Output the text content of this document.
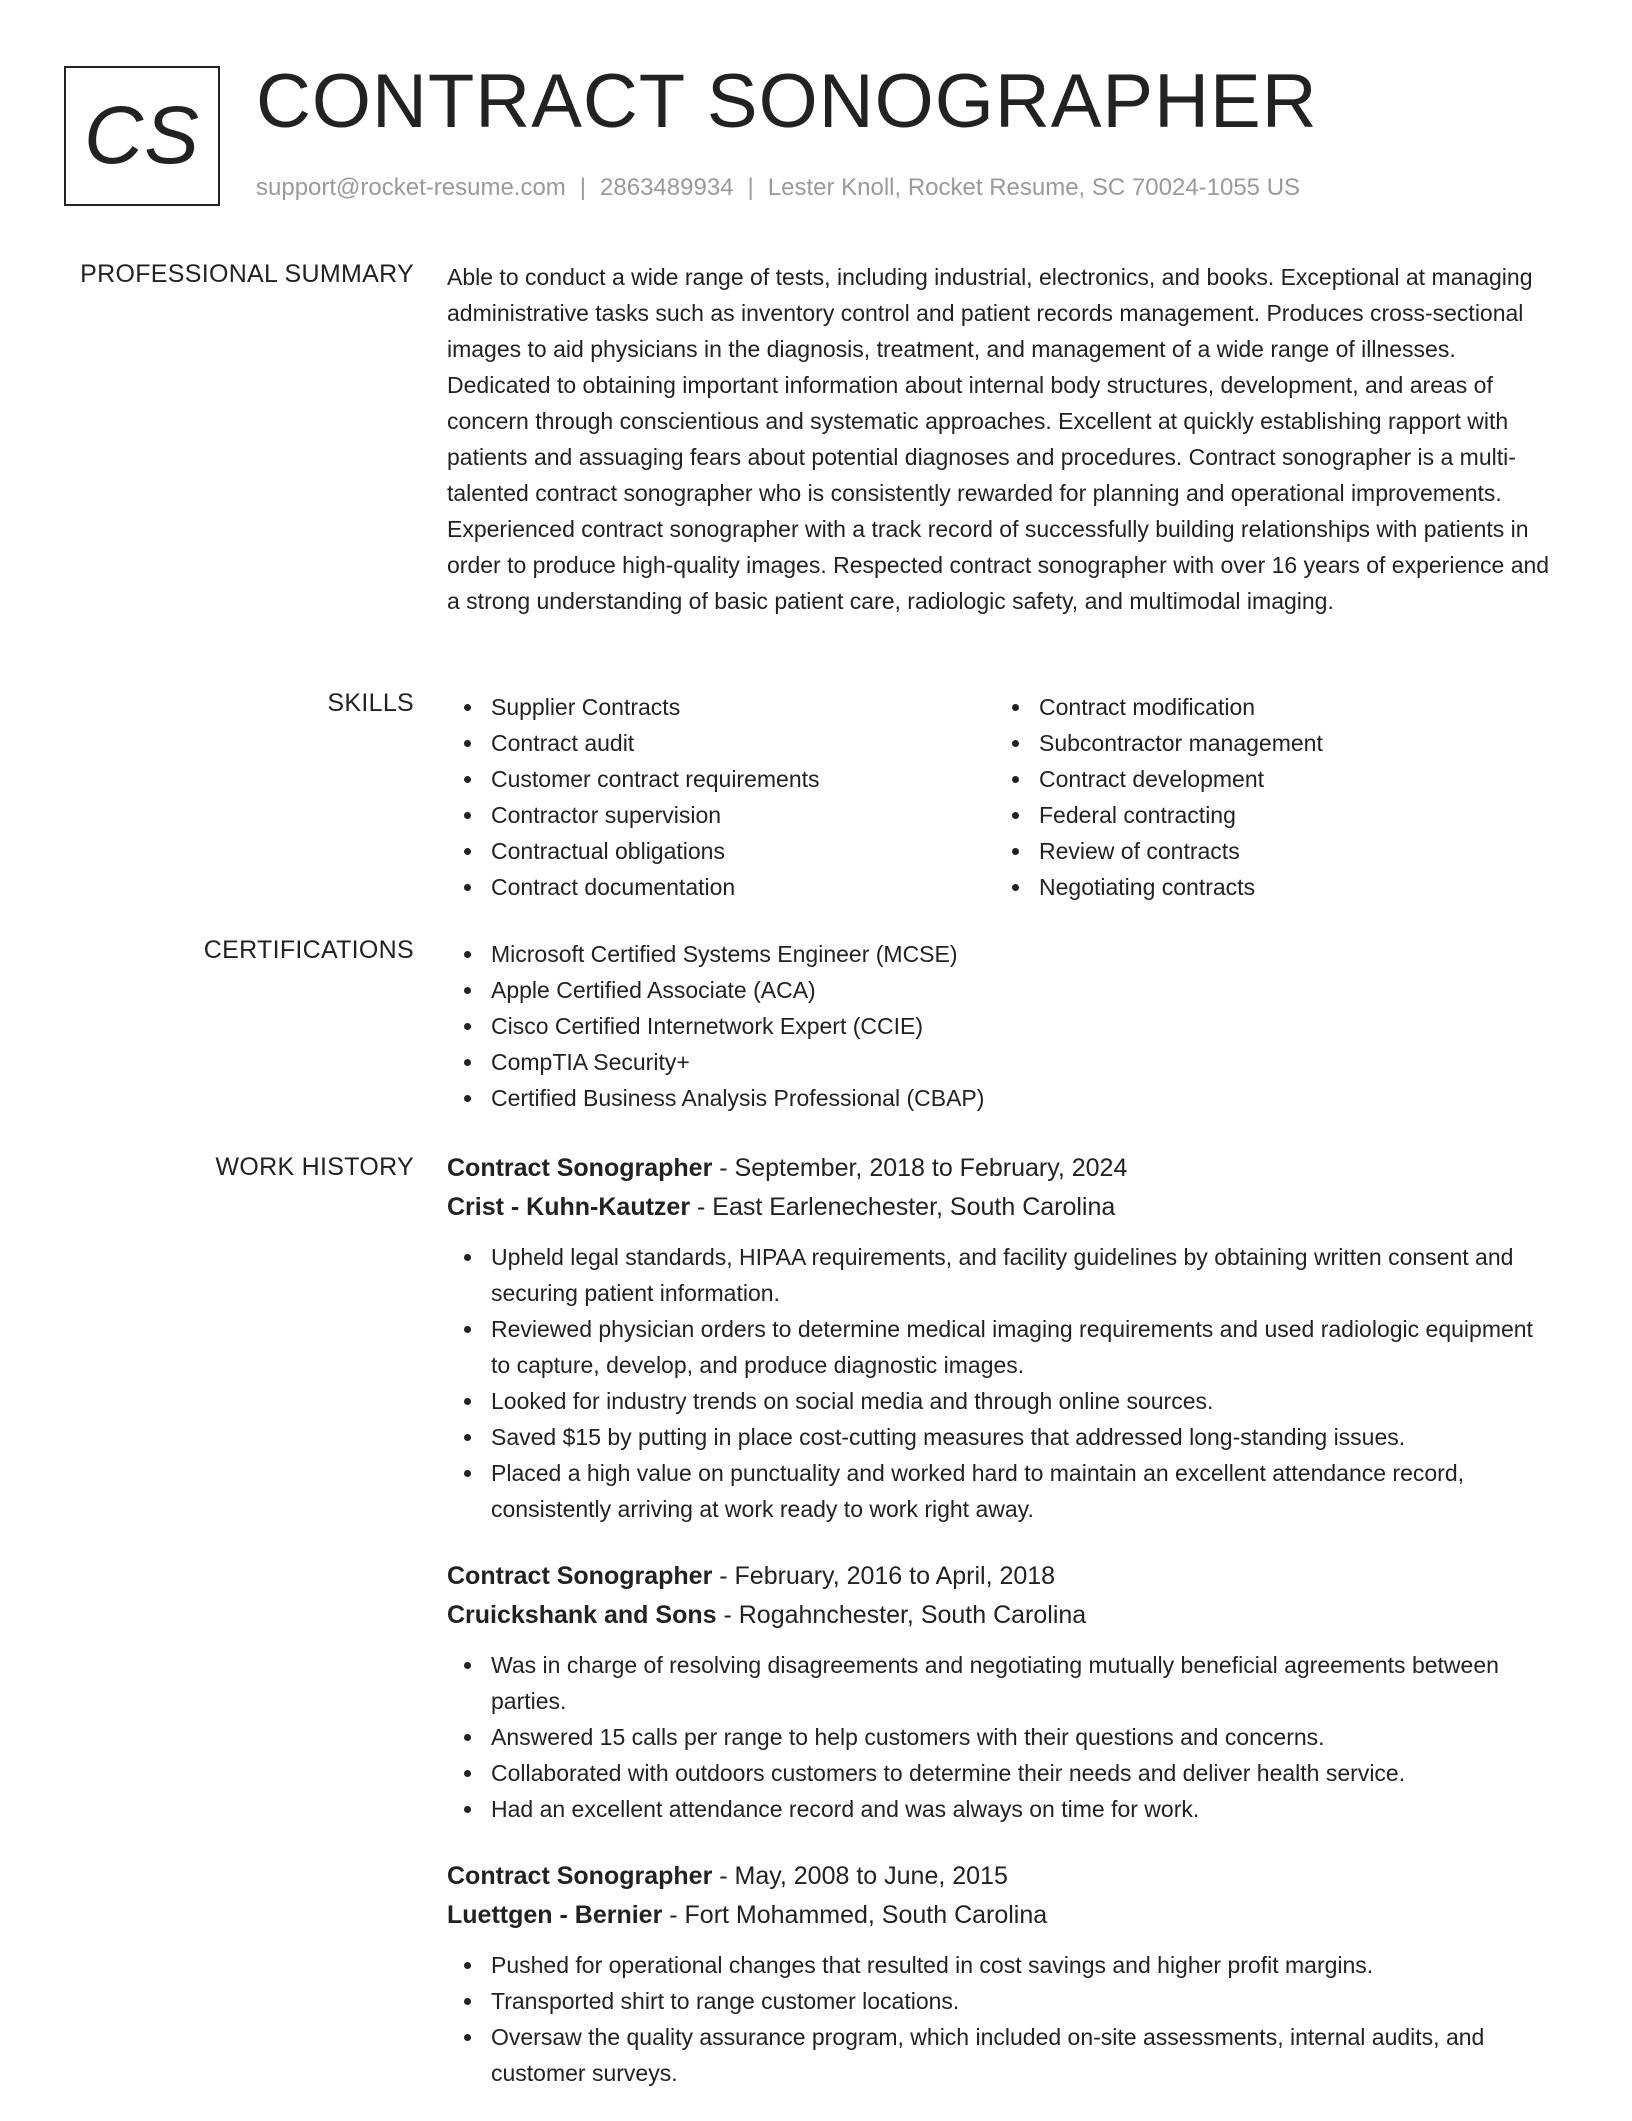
CS CONTRACT SONOGRAPHER
support@rocket-resume.com | 2863489934 | Lester Knoll, Rocket Resume, SC 70024-1055 US
PROFESSIONAL SUMMARY Able to conduct a wide range of tests, including industrial, electronics, and books. Exceptional at managing administrative tasks such as inventory control and patient records management. Produces cross-sectional images to aid physicians in the diagnosis, treatment, and management of a wide range of illnesses. Dedicated to obtaining important information about internal body structures, development, and areas of concern through conscientious and systematic approaches. Excellent at quickly establishing rapport with patients and assuaging fears about potential diagnoses and procedures. Contract sonographer is a multi-talented contract sonographer who is consistently rewarded for planning and operational improvements. Experienced contract sonographer with a track record of successfully building relationships with patients in order to produce high-quality images. Respected contract sonographer with over 16 years of experience and a strong understanding of basic patient care, radiologic safety, and multimodal imaging.

SKILLS	Supplier Contracts
Contract audit
Customer contract requirements
Contractor supervision
Contractual obligations
Contract documentation
Contract modification
Subcontractor management
Contract development
Federal contracting
Review of contracts
Negotiating contracts
CERTIFICATIONS	Microsoft Certified Systems Engineer (MCSE)
Apple Certified Associate (ACA)
Cisco Certified Internetwork Expert (CCIE)
CompTIA Security+
Certified Business Analysis Professional (CBAP)
WORK HISTORY Contract Sonographer - September, 2018 to February, 2024
Crist - Kuhn-Kautzer - East Earlenechester, South Carolina
Upheld legal standards, HIPAA requirements, and facility guidelines by obtaining written consent and securing patient information.
Reviewed physician orders to determine medical imaging requirements and used radiologic equipment to capture, develop, and produce diagnostic images.
Looked for industry trends on social media and through online sources.
Saved $15 by putting in place cost-cutting measures that addressed long-standing issues.
Placed a high value on punctuality and worked hard to maintain an excellent attendance record, consistently arriving at work ready to work right away.
Contract Sonographer - February, 2016 to April, 2018
Cruickshank and Sons - Rogahnchester, South Carolina
Was in charge of resolving disagreements and negotiating mutually beneficial agreements between parties.
Answered 15 calls per range to help customers with their questions and concerns.
Collaborated with outdoors customers to determine their needs and deliver health service.
Had an excellent attendance record and was always on time for work.
Contract Sonographer - May, 2008 to June, 2015
Luettgen - Bernier - Fort Mohammed, South Carolina
Pushed for operational changes that resulted in cost savings and higher profit margins.
Transported shirt to range customer locations.
Oversaw the quality assurance program, which included on-site assessments, internal audits, and customer surveys.
